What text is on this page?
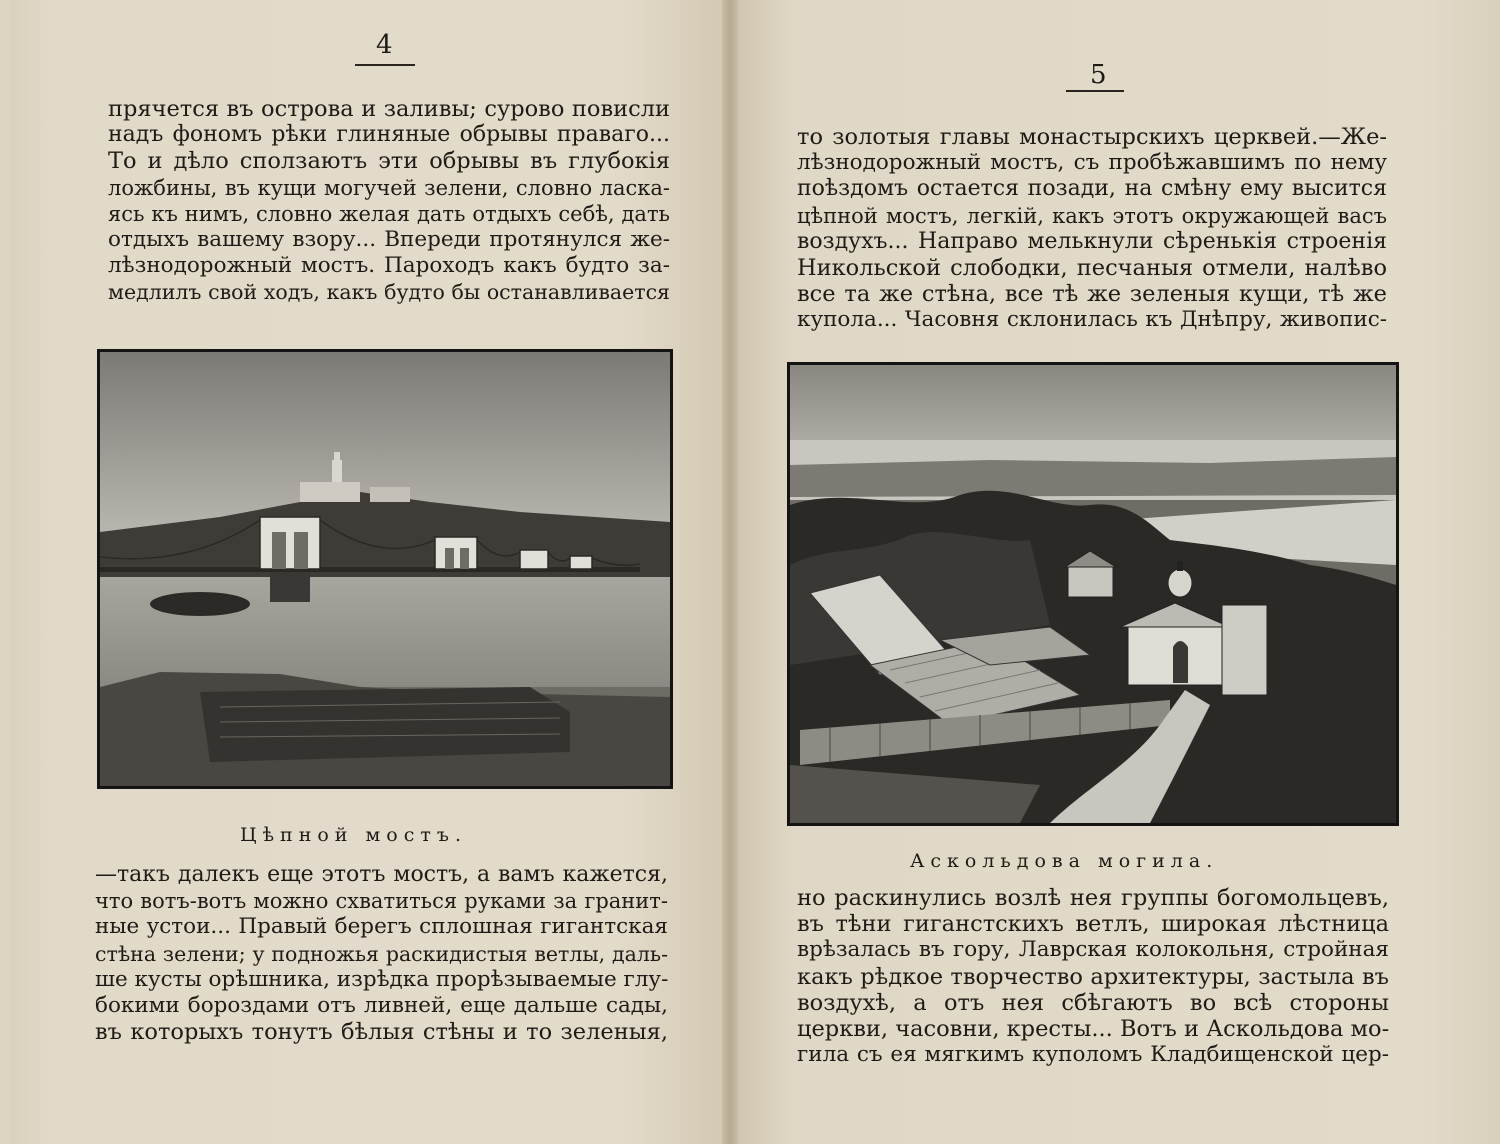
4
прячется въ острова и заливы; сурово повисли
надъ фономъ рѣки глиняные обрывы праваго...
То и дѣло сползаютъ эти обрывы въ глубокія
ложбины, въ кущи могучей зелени, словно ласка-
ясь къ нимъ, словно желая дать отдыхъ себѣ, дать
отдыхъ вашему взору... Впереди протянулся же-
лѣзнодорожный мостъ. Пароходъ какъ будто за-
медлилъ свой ходъ, какъ будто бы останавливается
Цѣпной мостъ.
—такъ далекъ еще этотъ мостъ, а вамъ кажется,
что вотъ-вотъ можно схватиться руками за гранит-
ные устои... Правый берегъ сплошная гигантская
стѣна зелени; у подножья раскидистыя ветлы, даль-
ше кусты орѣшника, изрѣдка прорѣзываемые глу-
бокими бороздами отъ ливней, еще дальше сады,
въ которыхъ тонутъ бѣлыя стѣны и то зеленыя,
5
то золотыя главы монастырскихъ церквей.—Же-
лѣзнодорожный мостъ, съ пробѣжавшимъ по нему
поѣздомъ остается позади, на смѣну ему высится
цѣпной мостъ, легкій, какъ этотъ окружающей васъ
воздухъ... Направо мелькнули сѣренькія строенія
Никольской слободки, песчаныя отмели, налѣво
все та же стѣна, все тѣ же зеленыя кущи, тѣ же
купола... Часовня склонилась къ Днѣпру, живопис-
Аскольдова могила.
но раскинулись возлѣ нея группы богомольцевъ,
въ тѣни гиганстскихъ ветлъ, широкая лѣстница
врѣзалась въ гору, Лаврская колокольня, стройная
какъ рѣдкое творчество архитектуры, застыла въ
воздухѣ, а отъ нея сбѣгаютъ во всѣ стороны
церкви, часовни, кресты... Вотъ и Аскольдова мо-
гила съ ея мягкимъ куполомъ Кладбищенской цер-
